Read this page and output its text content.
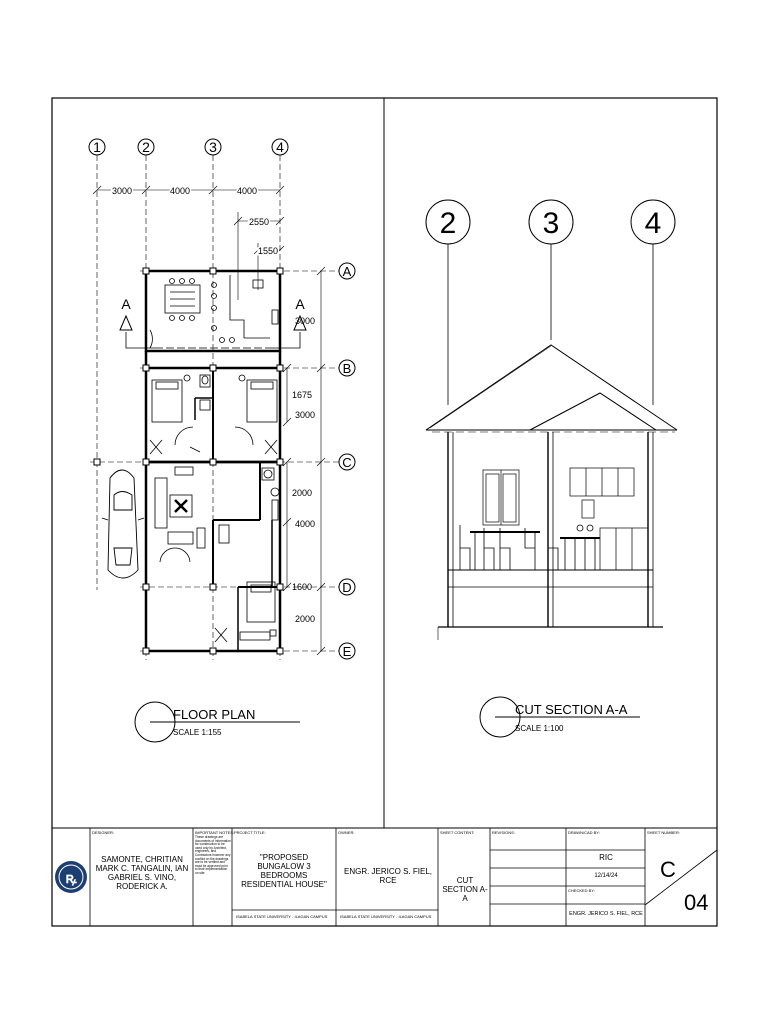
1	2	3	4
A
B
C
D
E
3000	4000	4000
2550
1550
3000
1675
3000
2000
4000
1600
2000
A	A
FLOOR PLAN
SCALE 1:155
2	3	4
CUT SECTION A-A
SCALE 1:100
ꝶ
DESIGNER:
SAMONTE, CHRITIAN MARK C. TANGALIN, IAN GABRIEL S. VINO, RODERICK A.
IMPORTANT NOTES:
These drawings are documents of information for construction to be used only by Architect, engineers, and Contractors however any conflict on the drawings are to be verified and must be approved prior to their implementation on site.
PROJECT TITLE:
"PROPOSED BUNGALOW 3 BEDROOMS RESIDENTIAL HOUSE"
ISABELA STATE UNIVERSITY - ILAGAN CAMPUS
OWNER:
ENGR. JERICO S. FIEL, RCE
ISABELA STATE UNIVERSITY - ILAGAN CAMPUS
SHEET CONTENT:
CUT SECTION A-A
REVISIONS:	DRAWN/CAD BY:
RIC
12/14/24
CHECKED BY:
ENGR. JERICO S. FIEL, RCE
SHEET NUMBER:
C
04
